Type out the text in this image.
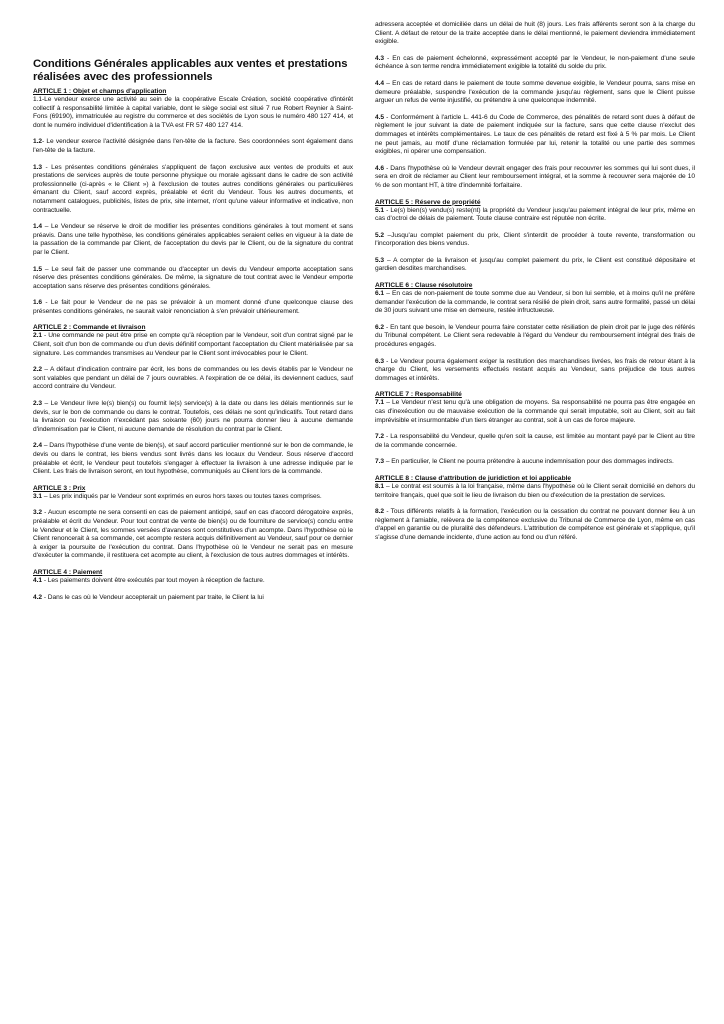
Conditions Générales applicables aux ventes et prestations réalisées avec des professionnels
ARTICLE 1 : Objet et champs d'application

1.1-Le vendeur exerce une activité au sein de la coopérative Escale Création, société coopérative d'intérêt collectif à responsabilité limitée à capital variable, dont le siège social est situé 7 rue Robert Reynier à Saint-Fons (69190), immatriculée au registre du commerce et des sociétés de Lyon sous le numéro 480 127 414, et dont le numéro individuel d'identification à la TVA est FR 57 480 127 414.

1.2- Le vendeur exerce l'activité désignée dans l'en-tête de la facture. Ses coordonnées sont également dans l'en-tête de la facture.

1.3 - Les présentes conditions générales s'appliquent de façon exclusive aux ventes de produits et aux prestations de services auprès de toute personne physique ou morale agissant dans le cadre de son activité professionnelle (ci-après « le Client ») à l'exclusion de toutes autres conditions générales ou particulières émanant du Client, sauf accord exprès, préalable et écrit du Vendeur. Tous les autres documents, et notamment catalogues, publicités, listes de prix, site internet, n'ont qu'une valeur informative et indicative, non contractuelle.

1.4 – Le Vendeur se réserve le droit de modifier les présentes conditions générales à tout moment et sans préavis. Dans une telle hypothèse, les conditions générales applicables seraient celles en vigueur à la date de la passation de la commande par Client, de l'acceptation du devis par le Client, ou de la signature du contrat par le Client.

1.5 – Le seul fait de passer une commande ou d'accepter un devis du Vendeur emporte acceptation sans réserve des présentes conditions générales. De même, la signature de tout contrat avec le Vendeur emporte acceptation sans réserve des présentes conditions générales.

1.6 - Le fait pour le Vendeur de ne pas se prévaloir à un moment donné d'une quelconque clause des présentes conditions générales, ne saurait valoir renonciation à s'en prévaloir ultérieurement.

ARTICLE 2 : Commande et livraison

2.1 - Une commande ne peut être prise en compte qu'à réception par le Vendeur, soit d'un contrat signé par le Client, soit d'un bon de commande ou d'un devis définitif comportant l'acceptation du Client matérialisée par sa signature. Les commandes transmises au Vendeur par le Client sont irrévocables pour le Client.

2.2 – A défaut d'indication contraire par écrit, les bons de commandes ou les devis établis par le Vendeur ne sont valables que pendant un délai de 7 jours ouvrables. A l'expiration de ce délai, ils deviennent caducs, sauf accord contraire du Vendeur.

2.3 – Le Vendeur livre le(s) bien(s) ou fournit le(s) service(s) à la date ou dans les délais mentionnés sur le devis, sur le bon de commande ou dans le contrat. Toutefois, ces délais ne sont qu'indicatifs. Tout retard dans la livraison ou l'exécution n'excédant pas soixante (60) jours ne pourra donner lieu à aucune demande d'indemnisation par le Client, ni aucune demande de résolution du contrat par le Client.

2.4 – Dans l'hypothèse d'une vente de bien(s), et sauf accord particulier mentionné sur le bon de commande, le devis ou dans le contrat, les biens vendus sont livrés dans les locaux du Vendeur. Sous réserve d'accord préalable et écrit, le Vendeur peut toutefois s'engager à effectuer la livraison à une adresse indiquée par le Client. Les frais de livraison seront, en tout hypothèse, communiqués au Client lors de la commande.

ARTICLE 3 : Prix

3.1 – Les prix indiqués par le Vendeur sont exprimés en euros hors taxes ou toutes taxes comprises.

3.2 - Aucun escompte ne sera consenti en cas de paiement anticipé, sauf en cas d'accord dérogatoire exprès, préalable et écrit du Vendeur. Pour tout contrat de vente de bien(s) ou de fourniture de service(s) conclu entre le Vendeur et le Client, les sommes versées d'avances sont constitutives d'un acompte. Dans l'hypothèse où le Client renoncerait à sa commande, cet acompte restera acquis définitivement au Vendeur, sauf pour ce dernier à exiger la poursuite de l'exécution du contrat. Dans l'hypothèse où le Vendeur ne serait pas en mesure d'exécuter la commande, il restituera cet acompte au client, à l'exclusion de tous autres dommages et intérêts.

ARTICLE 4 : Paiement

4.1 - Les paiements doivent être exécutés par tout moyen à réception de facture.

4.2 - Dans le cas où le Vendeur accepterait un paiement par traite, le Client la lui

adressera acceptée et domiciliée dans un délai de huit (8) jours. Les frais afférents seront son à la charge du Client. A défaut de retour de la traite acceptée dans le délai mentionné, le paiement deviendra immédiatement exigible.

4.3 - En cas de paiement échelonné, expressément accepté par le Vendeur, le non-paiement d'une seule échéance à son terme rendra immédiatement exigible la totalité du solde du prix.

4.4 – En cas de retard dans le paiement de toute somme devenue exigible, le Vendeur pourra, sans mise en demeure préalable, suspendre l'exécution de la commande jusqu'au règlement, sans que le Client puisse arguer un refus de vente injustifié, ou prétendre à une quelconque indemnité.

4.5 - Conformément à l'article L. 441-6 du Code de Commerce, des pénalités de retard sont dues à défaut de règlement le jour suivant la date de paiement indiquée sur la facture, sans que cette clause n'exclut des dommages et intérêts complémentaires. Le taux de ces pénalités de retard est fixé à 5 % par mois. Le Client ne peut jamais, au motif d'une réclamation formulée par lui, retenir la totalité ou une partie des sommes exigibles, ni opérer une compensation.

4.6 - Dans l'hypothèse où le Vendeur devrait engager des frais pour recouvrer les sommes qui lui sont dues, il sera en droit de réclamer au Client leur remboursement intégral, et la somme à recouvrer sera majorée de 10 % de son montant HT, à titre d'indemnité forfaitaire.

ARTICLE 5 : Réserve de propriété

5.1 - Le(s) bien(s) vendu(s) reste(nt) la propriété du Vendeur jusqu'au paiement intégral de leur prix, même en cas d'octroi de délais de paiement. Toute clause contraire est réputée non écrite.

5.2 –Jusqu'au complet paiement du prix, Client s'interdit de procéder à toute revente, transformation ou l'incorporation des biens vendus.

5.3 – A compter de la livraison et jusqu'au complet paiement du prix, le Client est constitué dépositaire et gardien desdites marchandises.

ARTICLE 6 : Clause résolutoire

6.1 – En cas de non-paiement de toute somme due au Vendeur, si bon lui semble, et à moins qu'il ne préfère demander l'exécution de la commande, le contrat sera résilié de plein droit, sans autre formalité, passé un délai de 30 jours suivant une mise en demeure, restée infructueuse.

6.2 - En tant que besoin, le Vendeur pourra faire constater cette résiliation de plein droit par le juge des référés du Tribunal compétent. Le Client sera redevable à l'égard du Vendeur du remboursement intégral des frais de procédures engagés.

6.3 - Le Vendeur pourra également exiger la restitution des marchandises livrées, les frais de retour étant à la charge du Client, les versements effectués restant acquis au Vendeur, sans préjudice de tous autres dommages et intérêts.

ARTICLE 7 : Responsabilité

7.1 – Le Vendeur n'est tenu qu'à une obligation de moyens. Sa responsabilité ne pourra pas être engagée en cas d'inexécution ou de mauvaise exécution de la commande qui serait imputable, soit au Client, soit au fait imprévisible et insurmontable d'un tiers étranger au contrat, soit à un cas de force majeure.

7.2 - La responsabilité du Vendeur, quelle qu'en soit la cause, est limitée au montant payé par le Client au titre de la commande concernée.

7.3 – En particulier, le Client ne pourra prétendre à aucune indemnisation pour des dommages indirects.

ARTICLE 8 : Clause d'attribution de juridiction et loi applicable

8.1 – Le contrat est soumis à la loi française, même dans l'hypothèse où le Client serait domicilié en dehors du territoire français, quel que soit le lieu de livraison du bien ou d'exécution de la prestation de services.

8.2 - Tous différents relatifs à la formation, l'exécution ou la cessation du contrat ne pouvant donner lieu à un règlement à l'amiable, relèvera de la compétence exclusive du Tribunal de Commerce de Lyon, même en cas d'appel en garantie ou de pluralité des défendeurs. L'attribution de compétence est générale et s'applique, qu'il s'agisse d'une demande incidente, d'une action au fond ou d'un référé.
